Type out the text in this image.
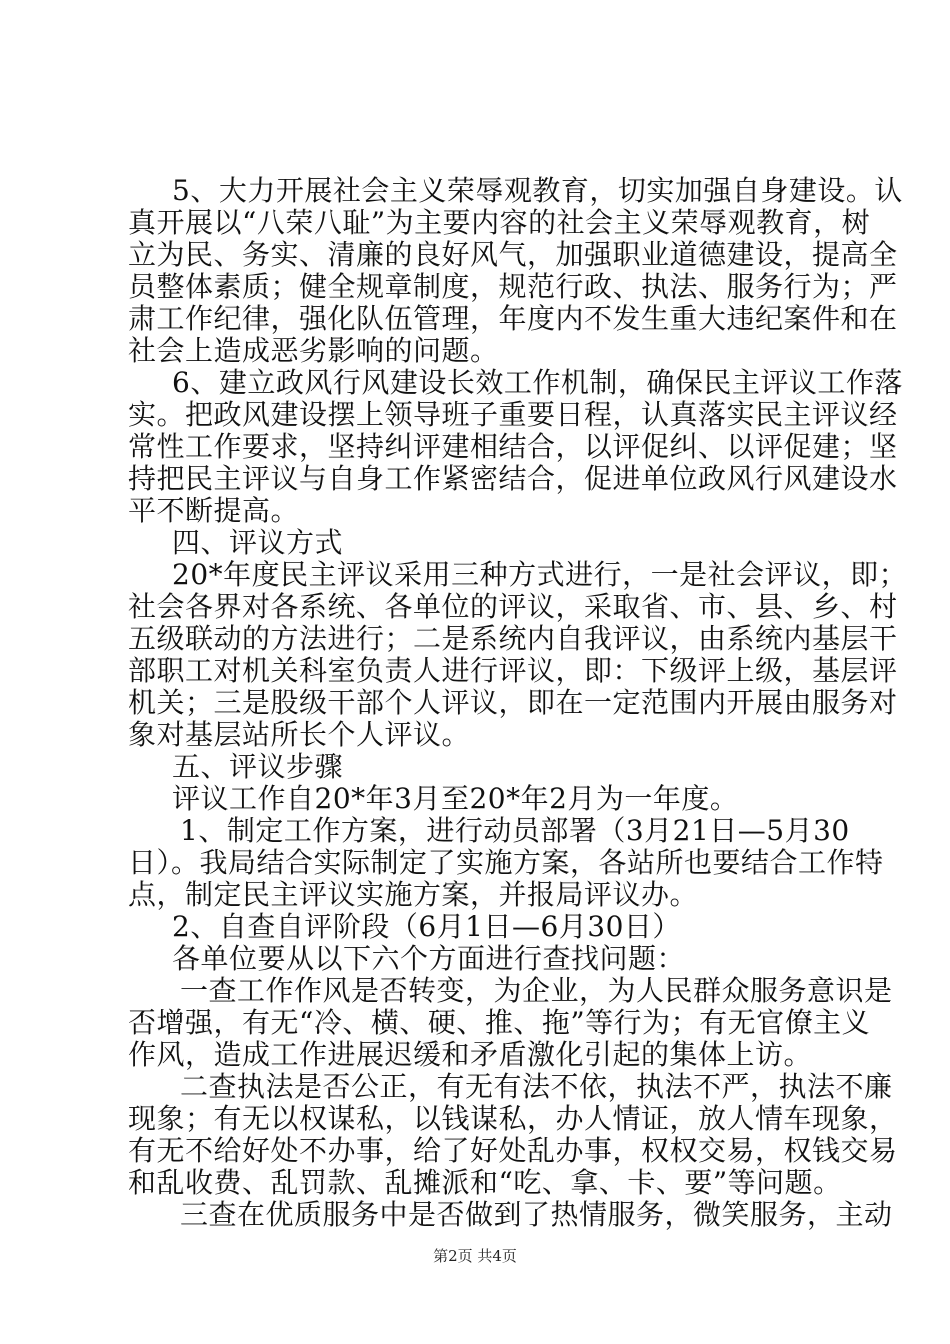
5、大力开展社会主义荣辱观教育，切实加强自身建设。认
真开展以“八荣八耻”为主要内容的社会主义荣辱观教育，树
立为民、务实、清廉的良好风气，加强职业道德建设，提高全
员整体素质；健全规章制度，规范行政、执法、服务行为；严
肃工作纪律，强化队伍管理，年度内不发生重大违纪案件和在
社会上造成恶劣影响的问题。
6、建立政风行风建设长效工作机制，确保民主评议工作落
实。把政风建设摆上领导班子重要日程，认真落实民主评议经
常性工作要求，坚持纠评建相结合，以评促纠、以评促建；坚
持把民主评议与自身工作紧密结合，促进单位政风行风建设水
平不断提高。
四、评议方式
20*年度民主评议采用三种方式进行，一是社会评议，即；
社会各界对各系统、各单位的评议，采取省、市、县、乡、村
五级联动的方法进行；二是系统内自我评议，由系统内基层干
部职工对机关科室负责人进行评议，即：下级评上级，基层评
机关；三是股级干部个人评议，即在一定范围内开展由服务对
象对基层站所长个人评议。
五、评议步骤
评议工作自20*年3月至20*年2月为一年度。
1、制定工作方案，进行动员部署（3月21日—5月30
日）。我局结合实际制定了实施方案，各站所也要结合工作特
点，制定民主评议实施方案，并报局评议办。
2、自查自评阶段（6月1日—6月30日）
各单位要从以下六个方面进行查找问题：
一查工作作风是否转变，为企业，为人民群众服务意识是
否增强，有无“冷、横、硬、推、拖”等行为；有无官僚主义
作风，造成工作进展迟缓和矛盾激化引起的集体上访。
二查执法是否公正，有无有法不依，执法不严，执法不廉
现象；有无以权谋私，以钱谋私，办人情证，放人情车现象，
有无不给好处不办事，给了好处乱办事，权权交易，权钱交易
和乱收费、乱罚款、乱摊派和“吃、拿、卡、要”等问题。
三查在优质服务中是否做到了热情服务，微笑服务，主动
第2页 共4页
